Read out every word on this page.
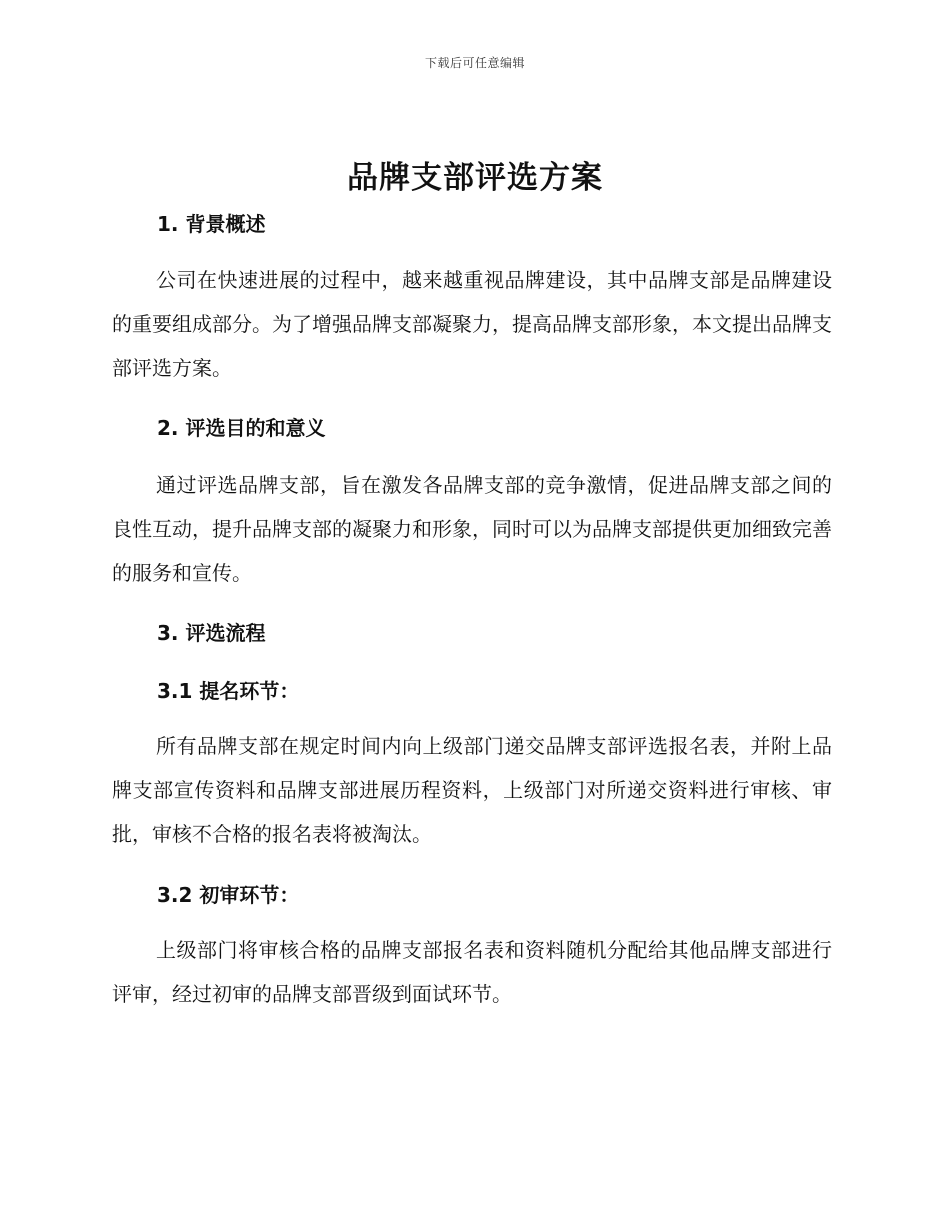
下载后可任意编辑
品牌支部评选方案
1. 背景概述
公司在快速进展的过程中，越来越重视品牌建设，其中品牌支部是品牌建设的重要组成部分。为了增强品牌支部凝聚力，提高品牌支部形象，本文提出品牌支部评选方案。
2. 评选目的和意义
通过评选品牌支部，旨在激发各品牌支部的竞争激情，促进品牌支部之间的良性互动，提升品牌支部的凝聚力和形象，同时可以为品牌支部提供更加细致完善的服务和宣传。
3. 评选流程
3.1 提名环节：
所有品牌支部在规定时间内向上级部门递交品牌支部评选报名表，并附上品牌支部宣传资料和品牌支部进展历程资料，上级部门对所递交资料进行审核、审批，审核不合格的报名表将被淘汰。
3.2 初审环节：
上级部门将审核合格的品牌支部报名表和资料随机分配给其他品牌支部进行评审，经过初审的品牌支部晋级到面试环节。
